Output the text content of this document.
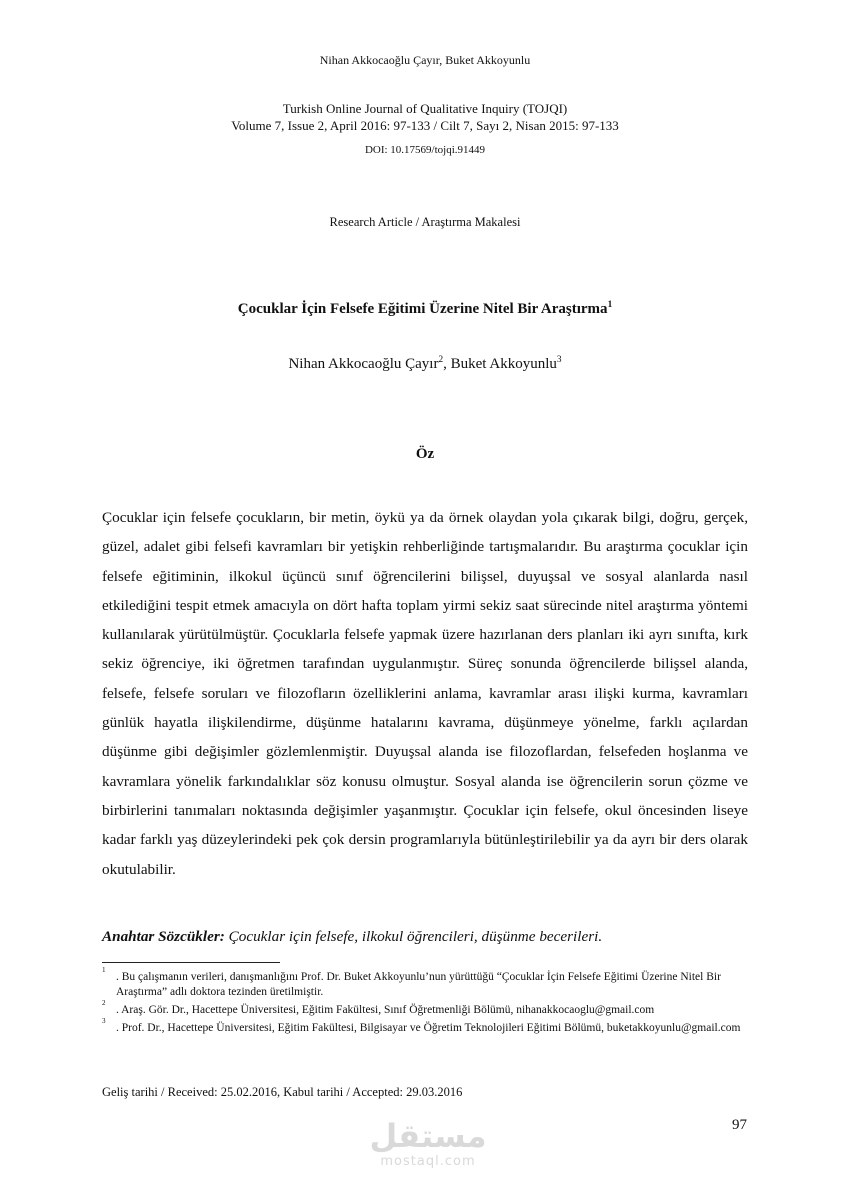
Nihan Akkocaoğlu Çayır, Buket Akkoyunlu
Turkish Online Journal of Qualitative Inquiry (TOJQI)
Volume 7, Issue 2, April 2016: 97-133 / Cilt 7, Sayı 2, Nisan 2015: 97-133
DOI: 10.17569/tojqi.91449
Research Article / Araştırma Makalesi
Çocuklar İçin Felsefe Eğitimi Üzerine Nitel Bir Araştırma$^1$
Nihan Akkocaoğlu Çayır$^2$, Buket Akkoyunlu$^3$
Öz

Çocuklar için felsefe çocukların, bir metin, öykü ya da örnek olaydan yola çıkarak bilgi, doğru, gerçek, güzel, adalet gibi felsefi kavramları bir yetişkin rehberliğinde tartışmalarıdır. Bu araştırma çocuklar için felsefe eğitiminin, ilkokul üçüncü sınıf öğrencilerini bilişsel, duyuşsal ve sosyal alanlarda nasıl etkilediğini tespit etmek amacıyla on dört hafta toplam yirmi sekiz saat sürecinde nitel araştırma yöntemi kullanılarak yürütülmüştür. Çocuklarla felsefe yapmak üzere hazırlanan ders planları iki ayrı sınıfta, kırk sekiz öğrenciye, iki öğretmen tarafından uygulanmıştır. Süreç sonunda öğrencilerde bilişsel alanda, felsefe, felsefe soruları ve filozofların özelliklerini anlama, kavramlar arası ilişki kurma, kavramları günlük hayatla ilişkilendirme, düşünme hatalarını kavrama, düşünmeye yönelme, farklı açılardan düşünme gibi değişimler gözlemlenmiştir. Duyuşsal alanda ise filozoflardan, felsefeden hoşlanma ve kavramlara yönelik farkındalıklar söz konusu olmuştur. Sosyal alanda ise öğrencilerin sorun çözme ve birbirlerini tanımaları noktasında değişimler yaşanmıştır. Çocuklar için felsefe, okul öncesinden liseye kadar farklı yaş düzeylerindeki pek çok dersin programlarıyla bütünleştirilebilir ya da ayrı bir ders olarak okutulabilir.

Anahtar Sözcükler: Çocuklar için felsefe, ilkokul öğrencileri, düşünme becerileri.
1
. Bu çalışmanın verileri, danışmanlığını Prof. Dr. Buket Akkoyunlu’nun yürüttüğü “Çocuklar İçin Felsefe Eğitimi Üzerine Nitel Bir Araştırma” adlı doktora tezinden üretilmiştir.
2
. Araş. Gör. Dr., Hacettepe Üniversitesi, Eğitim Fakültesi, Sınıf Öğretmenliği Bölümü, nihanakkocaoglu@gmail.com
3
. Prof. Dr., Hacettepe Üniversitesi, Eğitim Fakültesi, Bilgisayar ve Öğretim Teknolojileri Eğitimi Bölümü, buketakkoyunlu@gmail.com
Geliş tarihi / Received: 25.02.2016, Kabul tarihi / Accepted: 29.03.2016
97
مستقل
mostaql.com
